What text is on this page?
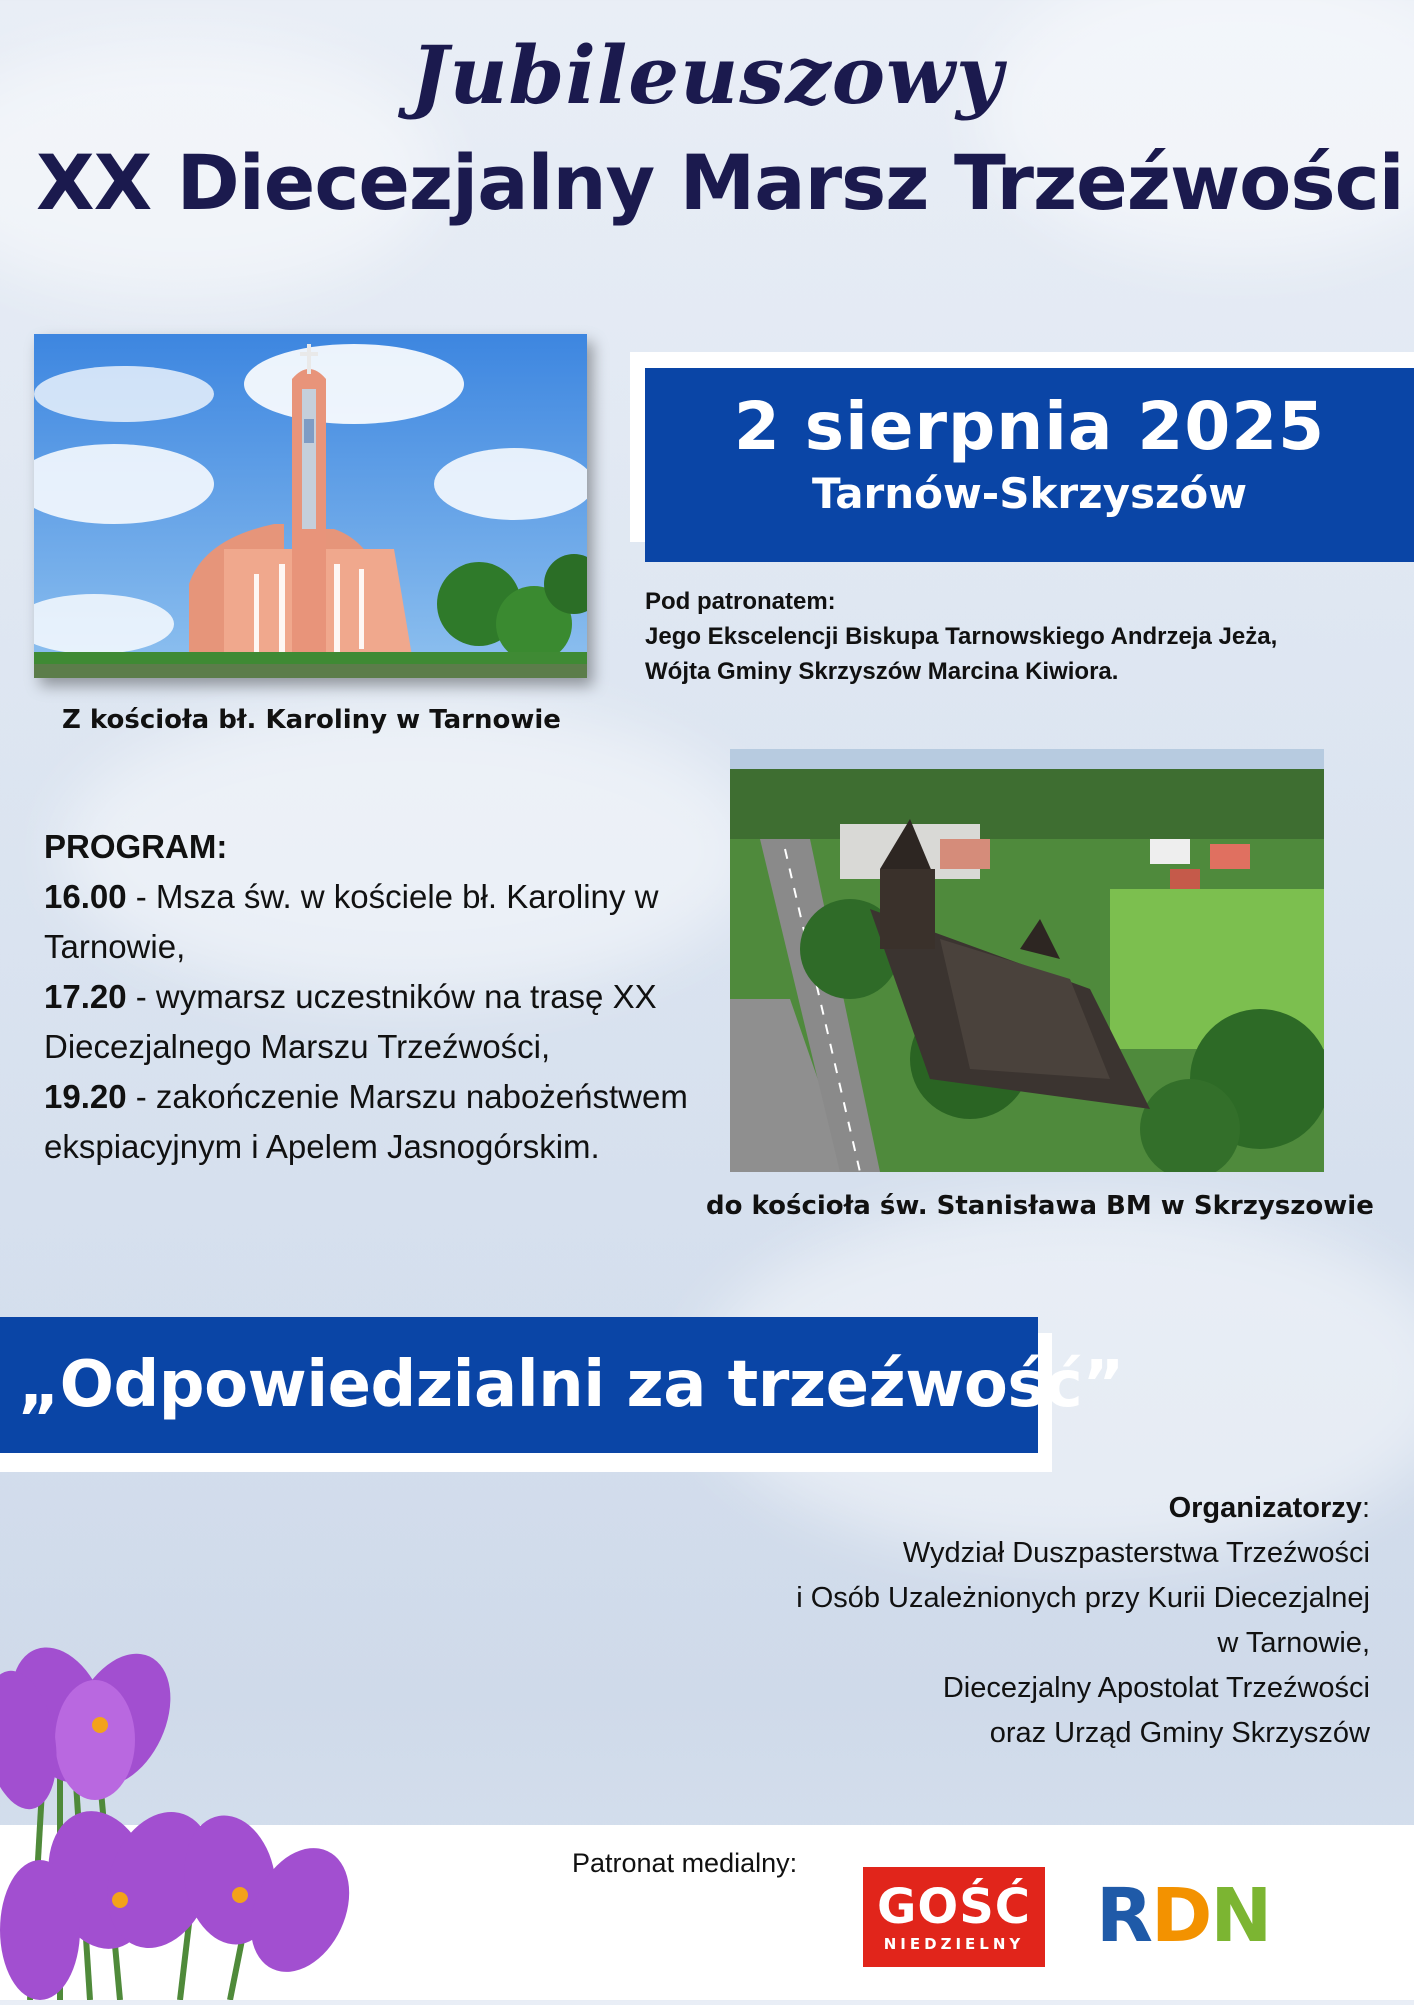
Jubileuszowy
XX Diecezjalny Marsz Trzeźwości
Z kościoła bł. Karoliny w Tarnowie
2 sierpnia 2025
Tarnów-Skrzyszów
Pod patronatem:
Jego Ekscelencji Biskupa Tarnowskiego Andrzeja Jeża,
Wójta Gminy Skrzyszów Marcina Kiwiora.
do kościoła św. Stanisława BM w Skrzyszowie
PROGRAM:
16.00 - Msza św. w kościele bł. Karoliny w Tarnowie,
17.20 - wymarsz uczestników na trasę XX Diecezjalnego Marszu Trzeźwości,
19.20 - zakończenie Marszu nabożeństwem ekspiacyjnym i Apelem Jasnogórskim.
„Odpowiedzialni za trzeźwość”
Organizatorzy:
Wydział Duszpasterstwa Trzeźwości
i Osób Uzależnionych przy Kurii Diecezjalnej
w Tarnowie,
Diecezjalny Apostolat Trzeźwości
oraz Urząd Gminy Skrzyszów
Patronat medialny:
GOŚĆ
NIEDZIELNY RDN
